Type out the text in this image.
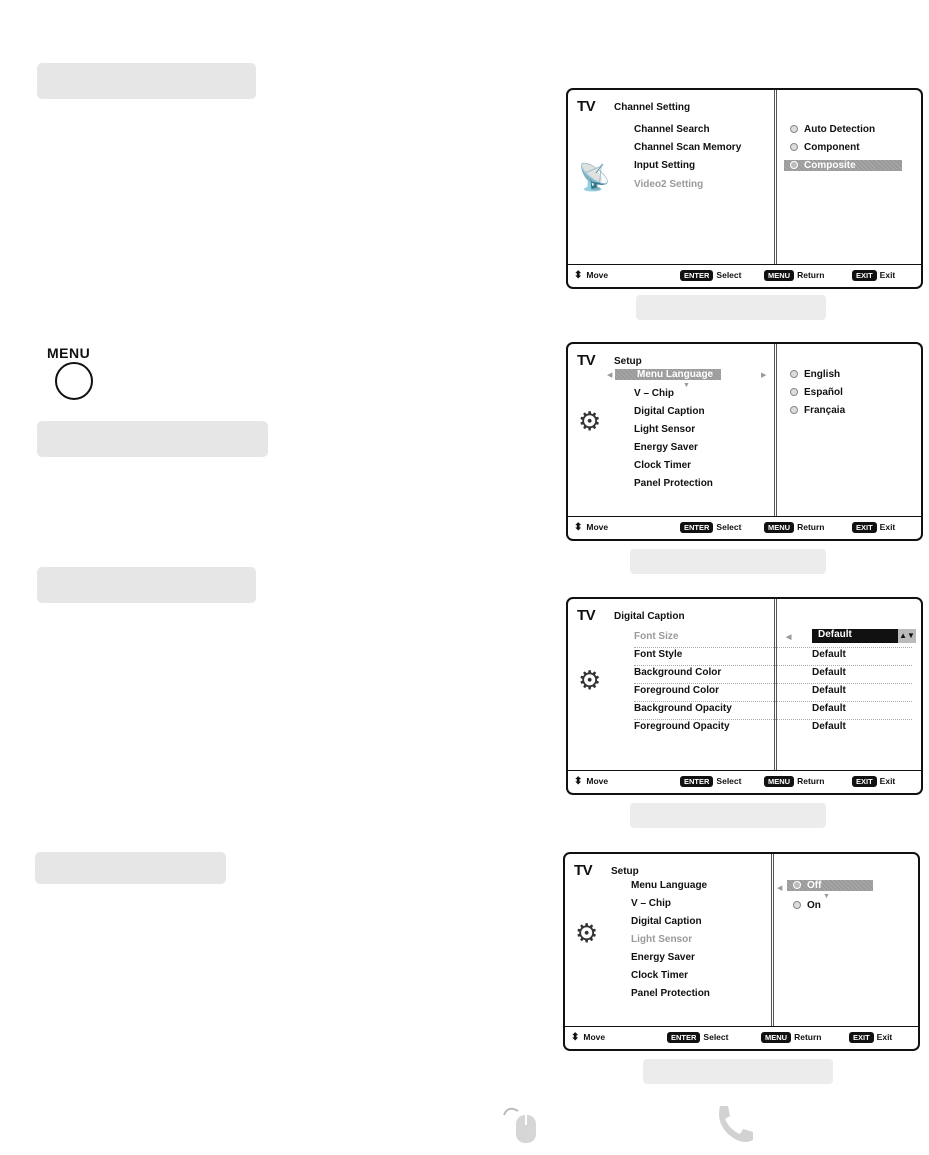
MENU
TV Channel Setting
Channel Search
Channel Scan Memory
Input Setting
Video2 Setting
📡
Auto Detection
Component
Composite
⬍ Move	ENTER Select	MENU Return	EXIT Exit
TV Setup
◀	Menu Language	▶
▼
V – Chip
Digital Caption
Light Sensor
Energy Saver
Clock Timer
Panel Protection
⚙
English
Español
Françaia
⬍ Move	ENTER Select	MENU Return	EXIT Exit
TV Digital Caption
Font Size	◀	Default	▲▼
Font Style	Default
Background Color	Default
Foreground Color	Default
Background Opacity	Default
Foreground Opacity	Default
⚙
⬍ Move	ENTER Select	MENU Return	EXIT Exit
TV Setup
Menu Language
V – Chip
Digital Caption
Light Sensor
Energy Saver
Clock Timer
Panel Protection
⚙
◀	Off
▼
On
⬍ Move	ENTER Select	MENU Return	EXIT Exit
